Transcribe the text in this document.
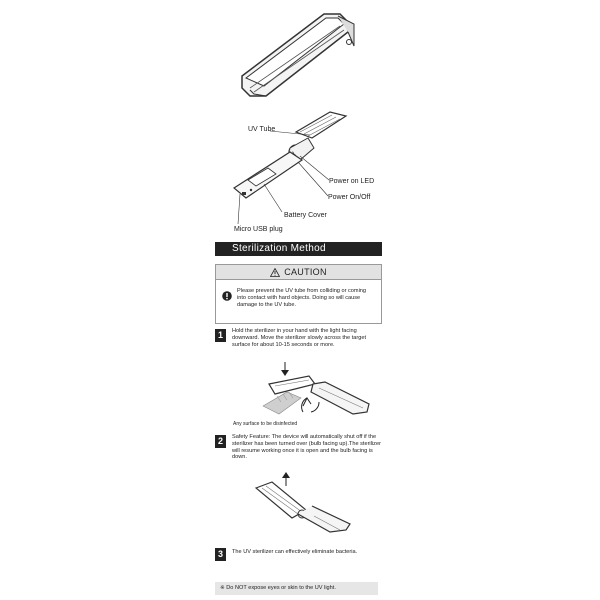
UV Tube
Power on LED
Power On/Off
Battery Cover
Micro USB plug
Sterilization Method
CAUTION
Please prevent the UV tube from colliding or coming into contact with hard objects. Doing so will cause damage to the UV tube.
1	Hold the sterilizer in your hand with the light facing downward. Move the sterilizer slowly across the target surface for about 10-15 seconds or more.
Any surface to be disinfected
2	Safety Feature: The device will automatically shut off if the sterilizer has been turned over (bulb facing up).The sterilizer will resume working once it is open and the bulb facing is down.
3	The UV sterilizer can effectively eliminate bacteria.
※ Do NOT expose eyes or skin to the UV light.
